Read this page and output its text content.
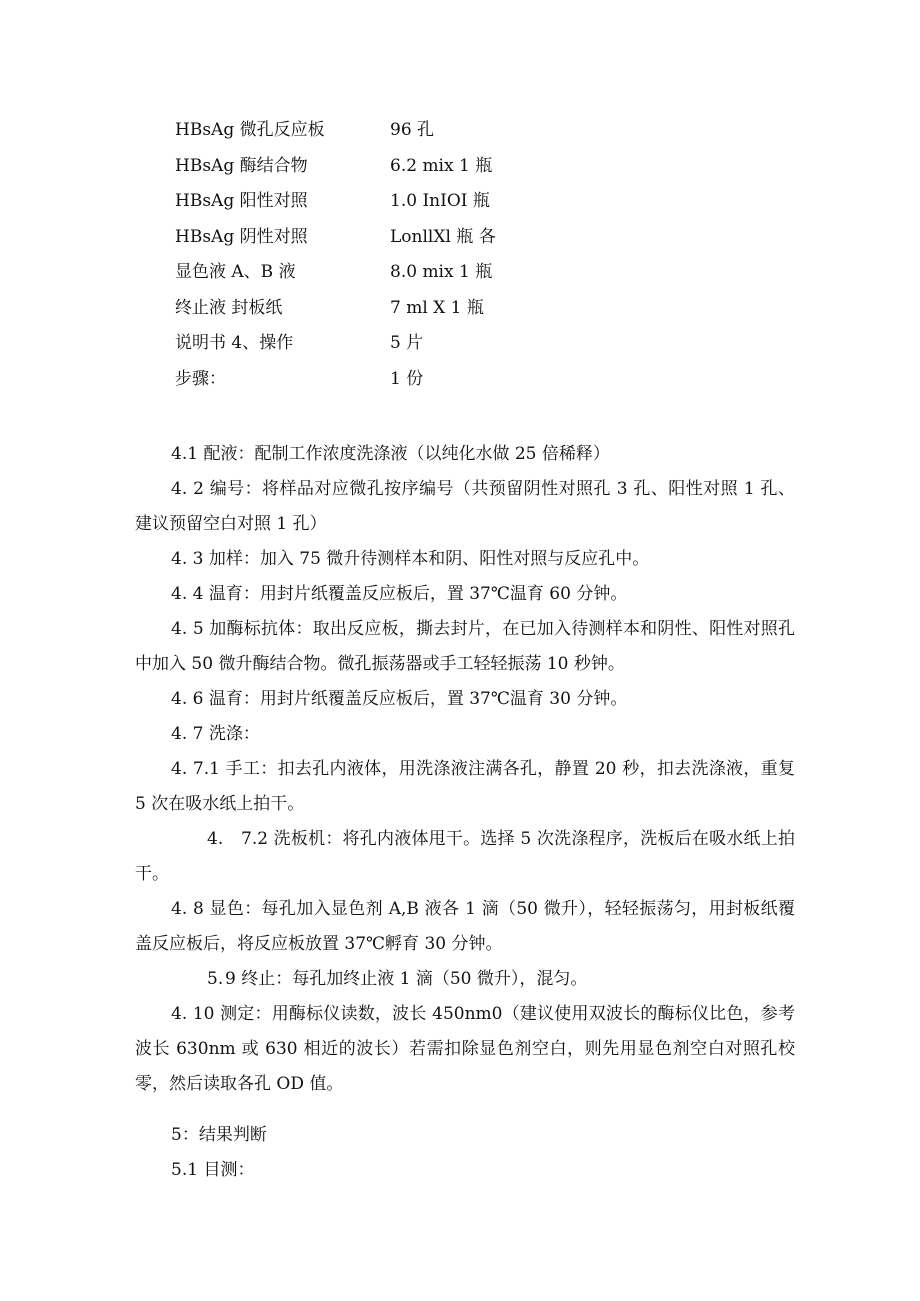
HBsAg 微孔反应板	96 孔
HBsAg 酶结合物	6.2 mix 1 瓶
HBsAg 阳性对照	1.0 InIOI 瓶
HBsAg 阴性对照	LonllXl 瓶 各
显色液 A、B 液	8.0 mix 1 瓶
终止液 封板纸	7 ml X 1 瓶
说明书 4、操作	5 片
步骤：	1 份

4.1 配液：配制工作浓度洗涤液（以纯化水做 25 倍稀释）

4. 2 编号：将样品对应微孔按序编号（共预留阴性对照孔 3 孔、阳性对照 1 孔、建议预留空白对照 1 孔）

4. 3 加样：加入 75 微升待测样本和阴、阳性对照与反应孔中。

4. 4 温育：用封片纸覆盖反应板后，置 37℃温育 60 分钟。

4. 5 加酶标抗体：取出反应板，撕去封片，在已加入待测样本和阴性、阳性对照孔中加入 50 微升酶结合物。微孔振荡器或手工轻轻振荡 10 秒钟。

4. 6 温育：用封片纸覆盖反应板后，置 37℃温育 30 分钟。

4. 7 洗涤：

4. 7.1 手工：扣去孔内液体，用洗涤液注满各孔，静置 20 秒，扣去洗涤液，重复 5 次在吸水纸上拍干。

4. 7.2 洗板机：将孔内液体甩干。选择 5 次洗涤程序，洗板后在吸水纸上拍干。

4. 8 显色：每孔加入显色剂 A,B 液各 1 滴（50 微升），轻轻振荡匀，用封板纸覆盖反应板后，将反应板放置 37℃孵育 30 分钟。

5. 9 终止：每孔加终止液 1 滴（50 微升），混匀。

4. 10 测定：用酶标仪读数，波长 450nm0（建议使用双波长的酶标仪比色，参考波长 630nm 或 630 相近的波长）若需扣除显色剂空白，则先用显色剂空白对照孔校零，然后读取各孔 OD 值。

5：结果判断

5.1 目测：
